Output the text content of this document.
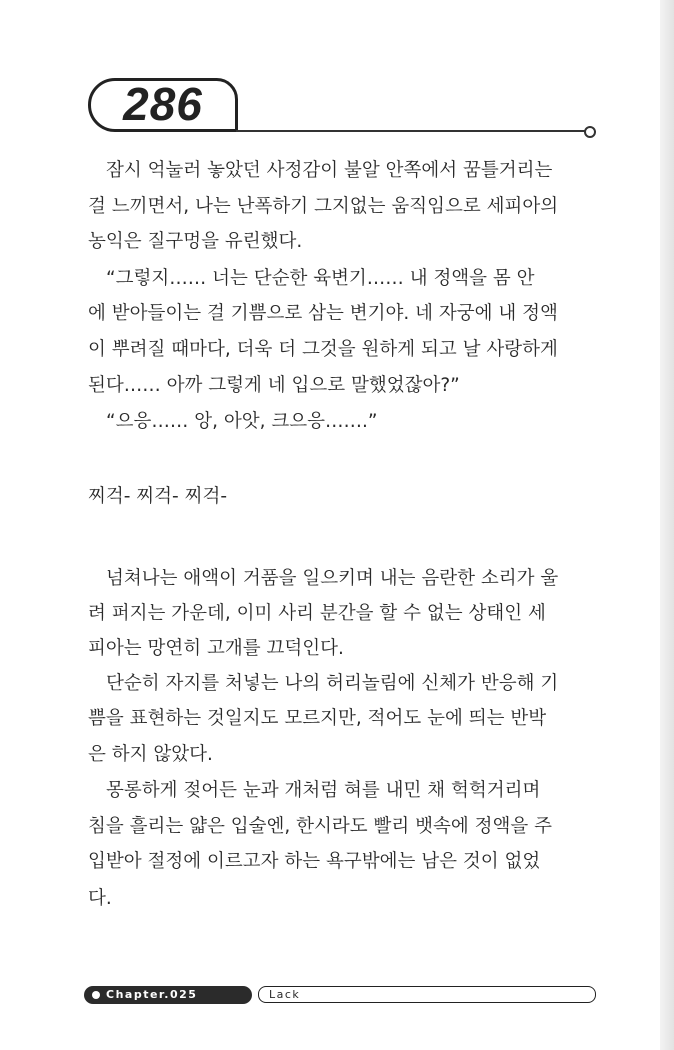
286
잠시 억눌러 놓았던 사정감이 불알 안쪽에서 꿈틀거리는
걸 느끼면서, 나는 난폭하기 그지없는 움직임으로 세피아의
농익은 질구멍을 유린했다.
“그렇지…… 너는 단순한 육변기…… 내 정액을 몸 안
에 받아들이는 걸 기쁨으로 삼는 변기야. 네 자궁에 내 정액
이 뿌려질 때마다, 더욱 더 그것을 원하게 되고 날 사랑하게
된다…… 아까 그렇게 네 입으로 말했었잖아?”
“으응…… 앙, 아앗, 크으응…….”
찌걱- 찌걱- 찌걱-
넘쳐나는 애액이 거품을 일으키며 내는 음란한 소리가 울
려 퍼지는 가운데, 이미 사리 분간을 할 수 없는 상태인 세
피아는 망연히 고개를 끄덕인다.
단순히 자지를 처넣는 나의 허리놀림에 신체가 반응해 기
쁨을 표현하는 것일지도 모르지만, 적어도 눈에 띄는 반박
은 하지 않았다.
몽롱하게 젖어든 눈과 개처럼 혀를 내민 채 헉헉거리며
침을 흘리는 얇은 입술엔, 한시라도 빨리 뱃속에 정액을 주
입받아 절정에 이르고자 하는 욕구밖에는 남은 것이 없었
다.
Chapter.025	Lack
